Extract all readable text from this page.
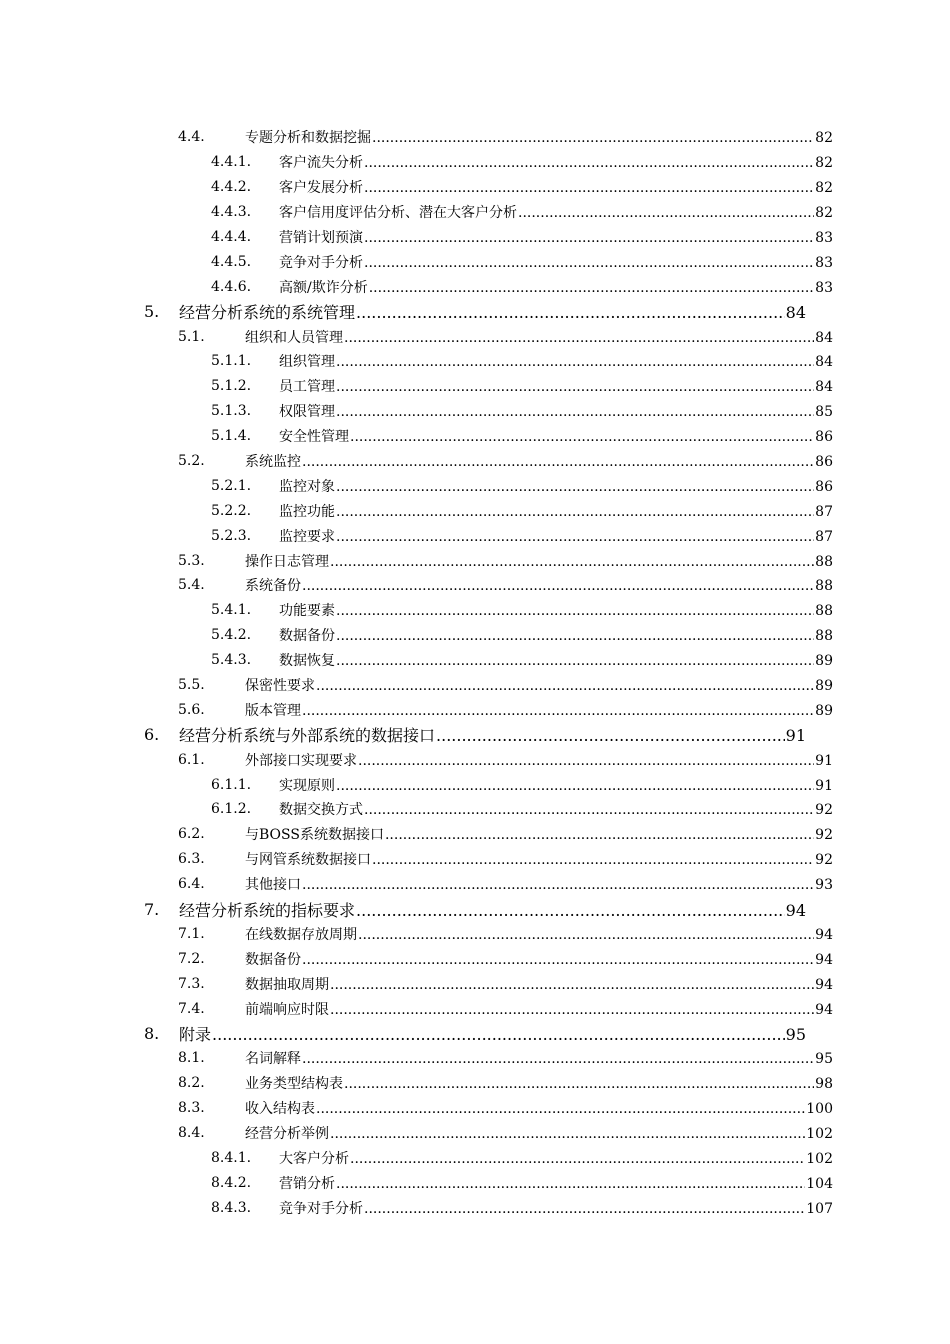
4.4.	专题分析和数据挖掘 .....	82
4.4.1. 客户流失分析 .....	82
4.4.2. 客户发展分析 .....	82
4.4.3. 客户信用度评估分析、潜在大客户分析 .....	82
4.4.4. 营销计划预演 .....	83
4.4.5. 竞争对手分析 .....	83
4.4.6. 高额/欺诈分析 .....	83
5. 经营分析系统的系统管理 .....	84
5.1.	组织和人员管理 .....	84
5.1.1. 组织管理 .....	84
5.1.2. 员工管理 .....	84
5.1.3. 权限管理 .....	85
5.1.4. 安全性管理 .....	86
5.2.	系统监控 .....	86
5.2.1. 监控对象 .....	86
5.2.2. 监控功能 .....	87
5.2.3. 监控要求 .....	87
5.3.	操作日志管理 .....	88
5.4.	系统备份 .....	88
5.4.1. 功能要素 .....	88
5.4.2. 数据备份 .....	88
5.4.3. 数据恢复 .....	89
5.5.	保密性要求 .....	89
5.6.	版本管理 .....	89
6. 经营分析系统与外部系统的数据接口 .....	91
6.1.	外部接口实现要求 .....	91
6.1.1. 实现原则 .....	91
6.1.2. 数据交换方式 .....	92
6.2.	与BOSS系统数据接口 .....	92
6.3.	与网管系统数据接口 .....	92
6.4.	其他接口 .....	93
7. 经营分析系统的指标要求 .....	94
7.1.	在线数据存放周期 .....	94
7.2.	数据备份 .....	94
7.3.	数据抽取周期 .....	94
7.4.	前端响应时限 .....	94
8. 附录 .....	95
8.1.	名词解释 .....	95
8.2.	业务类型结构表 .....	98
8.3.	收入结构表 .....	100
8.4.	经营分析举例 .....	102
8.4.1. 大客户分析 .....	102
8.4.2. 营销分析 .....	104
8.4.3. 竞争对手分析 .....	107
